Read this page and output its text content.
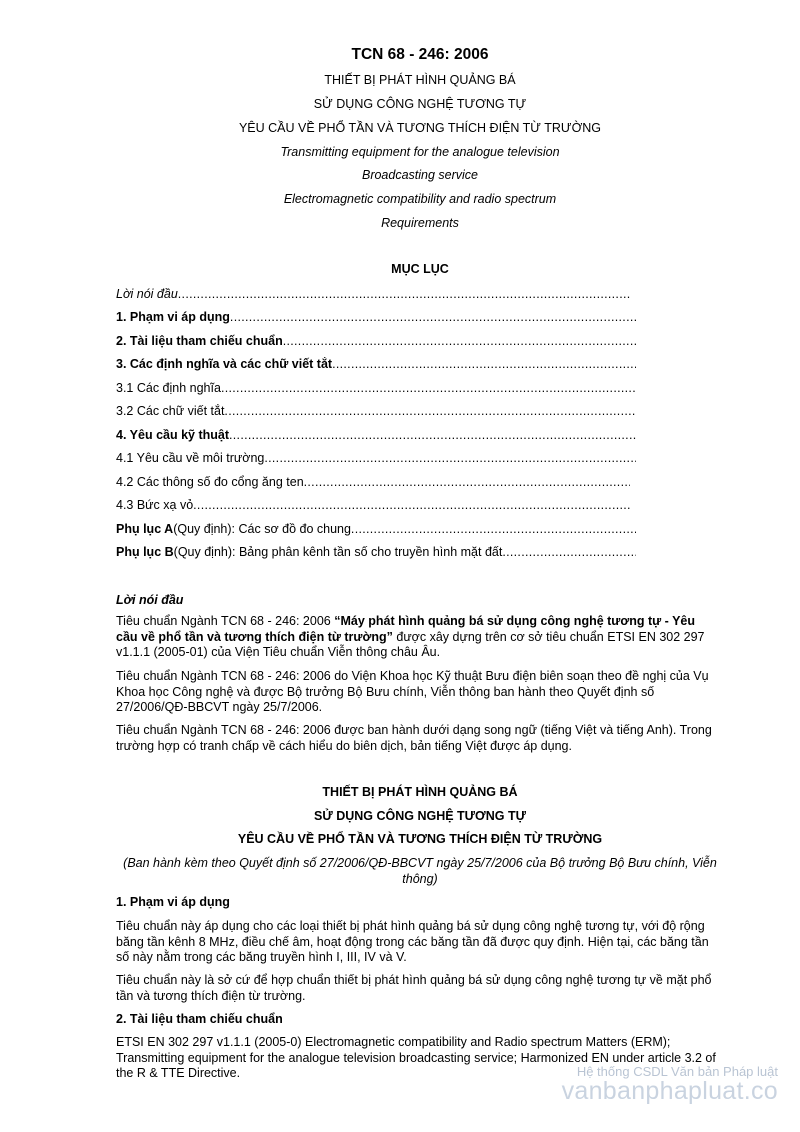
TCN 68 - 246: 2006
THIẾT BỊ PHÁT HÌNH QUẢNG BÁ
SỬ DỤNG CÔNG NGHỆ TƯƠNG TỰ
YÊU CẦU VỀ PHỔ TẦN VÀ TƯƠNG THÍCH ĐIỆN TỪ TRƯỜNG
Transmitting equipment for the analogue television
Broadcasting service
Electromagnetic compatibility and radio spectrum
Requirements
MỤC LỤC
Lời nói đầu
.....
1. Phạm vi áp dụng
.....
2. Tài liệu tham chiếu chuẩn
.....
3. Các định nghĩa và các chữ viết tắt
.....
3.1 Các định nghĩa
.....
3.2 Các chữ viết tắt
.....
4. Yêu cầu kỹ thuật
.....
4.1 Yêu cầu về môi trường
.....
4.2 Các thông số đo cổng ăng ten
.....
4.3 Bức xạ vỏ
.....
Phụ lục A (Quy định): Các sơ đồ đo chung
.....
Phụ lục B (Quy định): Bảng phân kênh tần số cho truyền hình mặt đất
.....
Lời nói đầu
Tiêu chuẩn Ngành TCN 68 - 246: 2006 “Máy phát hình quảng bá sử dụng công nghệ tương tự - Yêu cầu về phổ tần và tương thích điện từ trường” được xây dựng trên cơ sở tiêu chuẩn ETSI EN 302 297 v1.1.1 (2005-01) của Viện Tiêu chuẩn Viễn thông châu Âu.
Tiêu chuẩn Ngành TCN 68 - 246: 2006 do Viện Khoa học Kỹ thuật Bưu điện biên soạn theo đề nghị của Vụ Khoa học Công nghệ và được Bộ trưởng Bộ Bưu chính, Viễn thông ban hành theo Quyết định số 27/2006/QĐ-BBCVT ngày 25/7/2006.
Tiêu chuẩn Ngành TCN 68 - 246: 2006 được ban hành dưới dạng song ngữ (tiếng Việt và tiếng Anh). Trong trường hợp có tranh chấp về cách hiểu do biên dịch, bản tiếng Việt được áp dụng.
THIẾT BỊ PHÁT HÌNH QUẢNG BÁ
SỬ DỤNG CÔNG NGHỆ TƯƠNG TỰ
YÊU CẦU VỀ PHỔ TẦN VÀ TƯƠNG THÍCH ĐIỆN TỪ TRƯỜNG
(Ban hành kèm theo Quyết định số 27/2006/QĐ-BBCVT ngày 25/7/2006 của Bộ trưởng Bộ Bưu chính, Viễn thông)
1. Phạm vi áp dụng
Tiêu chuẩn này áp dụng cho các loại thiết bị phát hình quảng bá sử dụng công nghệ tương tự, với độ rộng băng tần kênh 8 MHz, điều chế âm, hoạt động trong các băng tần đã được quy định. Hiện tại, các băng tần số này nằm trong các băng truyền hình I, III, IV và V.
Tiêu chuẩn này là sở cứ để hợp chuẩn thiết bị phát hình quảng bá sử dụng công nghệ tương tự về mặt phổ tần và tương thích điện từ trường.
2. Tài liệu tham chiếu chuẩn
ETSI EN 302 297 v1.1.1 (2005-0) Electromagnetic compatibility and Radio spectrum Matters (ERM); Transmitting equipment for the analogue television broadcasting service; Harmonized EN under article 3.2 of the R & TTE Directive.	Hệ thống CSDL Văn bản Pháp luật
vanbanphapluat.co
